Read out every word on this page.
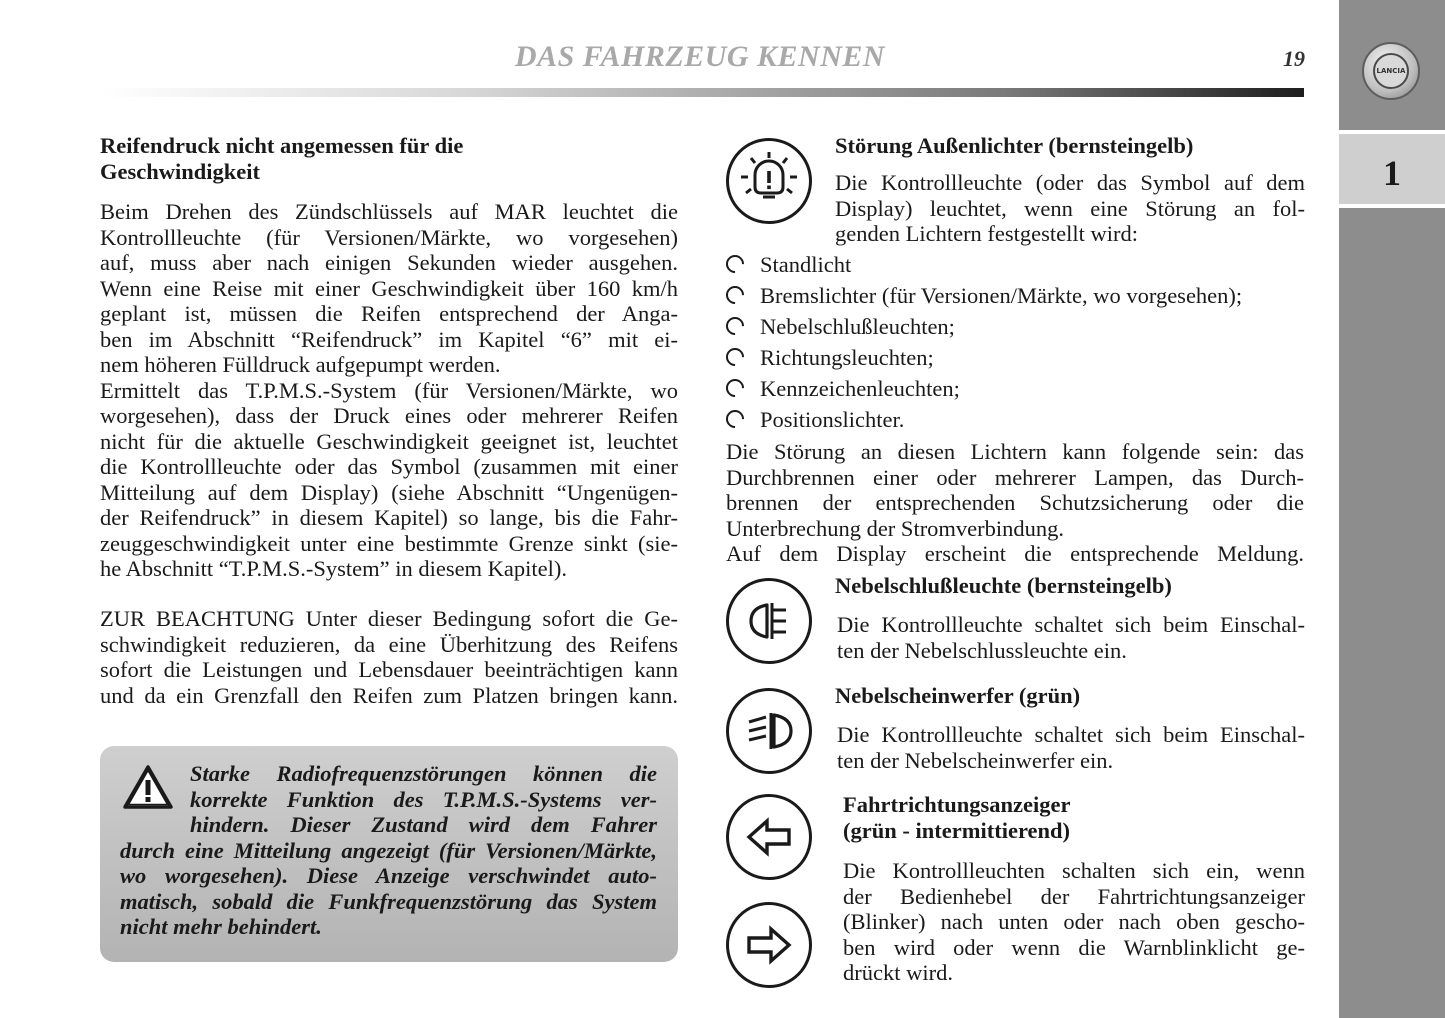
LANCIA
1
DAS FAHRZEUG KENNEN	19
Reifendruck nicht angemessen für die
Geschwindigkeit
Beim Drehen des Zündschlüssels auf MAR leuchtet die
Kontrollleuchte (für Versionen/Märkte, wo vorgesehen)
auf, muss aber nach einigen Sekunden wieder ausgehen.
Wenn eine Reise mit einer Geschwindigkeit über 160 km/h
geplant ist, müssen die Reifen entsprechend der Anga-
ben im Abschnitt “Reifendruck” im Kapitel “6” mit ei-
nem höheren Fülldruck aufgepumpt werden.
Ermittelt das T.P.M.S.-System (für Versionen/Märkte, wo
worgesehen), dass der Druck eines oder mehrerer Reifen
nicht für die aktuelle Geschwindigkeit geeignet ist, leuchtet
die Kontrollleuchte oder das Symbol (zusammen mit einer
Mitteilung auf dem Display) (siehe Abschnitt “Ungenügen-
der Reifendruck” in diesem Kapitel) so lange, bis die Fahr-
zeuggeschwindigkeit unter eine bestimmte Grenze sinkt (sie-
he Abschnitt “T.P.M.S.-System” in diesem Kapitel).
ZUR BEACHTUNG Unter dieser Bedingung sofort die Ge-
schwindigkeit reduzieren, da eine Überhitzung des Reifens
sofort die Leistungen und Lebensdauer beeinträchtigen kann
und da ein Grenzfall den Reifen zum Platzen bringen kann.
Starke Radiofrequenzstörungen können die
korrekte Funktion des T.P.M.S.-Systems ver-
hindern. Dieser Zustand wird dem Fahrer
durch eine Mitteilung angezeigt (für Versionen/Märkte,
wo worgesehen). Diese Anzeige verschwindet auto-
matisch, sobald die Funkfrequenzstörung das System
nicht mehr behindert.
Störung Außenlichter (bernsteingelb)
Die Kontrollleuchte (oder das Symbol auf dem
Display) leuchtet, wenn eine Störung an fol-
genden Lichtern festgestellt wird:
Standlicht
Bremslichter (für Versionen/Märkte, wo vorgesehen);
Nebelschlußleuchten;
Richtungsleuchten;
Kennzeichenleuchten;
Positionslichter.
Die Störung an diesen Lichtern kann folgende sein: das
Durchbrennen einer oder mehrerer Lampen, das Durch-
brennen der entsprechenden Schutzsicherung oder die
Unterbrechung der Stromverbindung.
Auf dem Display erscheint die entsprechende Meldung.
Nebelschlußleuchte (bernsteingelb)
Die Kontrollleuchte schaltet sich beim Einschal-
ten der Nebelschlussleuchte ein.
Nebelscheinwerfer (grün)
Die Kontrollleuchte schaltet sich beim Einschal-
ten der Nebelscheinwerfer ein.
Fahrtrichtungsanzeiger
(grün - intermittierend)
Die Kontrollleuchten schalten sich ein, wenn
der Bedienhebel der Fahrtrichtungsanzeiger
(Blinker) nach unten oder nach oben gescho-
ben wird oder wenn die Warnblinklicht ge-
drückt wird.
